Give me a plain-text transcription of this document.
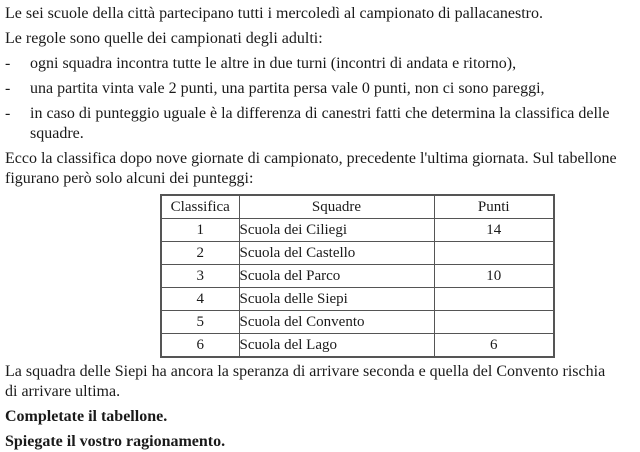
Le sei scuole della città partecipano tutti i mercoledì al campionato di pallacanestro.

Le regole sono quelle dei campionati degli adulti:

-	ogni squadra incontra tutte le altre in due turni (incontri di andata e ritorno),
-	una partita vinta vale 2 punti, una partita persa vale 0 punti, non ci sono pareggi,
-	in caso di punteggio uguale è la differenza di canestri fatti che determina la classifica delle
squadre.

Ecco la classifica dopo nove giornate di campionato, precedente l'ultima giornata. Sul tabellone
figurano però solo alcuni dei punteggi:

Classifica	Squadre	Punti
1	Scuola dei Ciliegi	14
2	Scuola del Castello	
3	Scuola del Parco	10
4	Scuola delle Siepi	
5	Scuola del Convento	
6	Scuola del Lago	6

La squadra delle Siepi ha ancora la speranza di arrivare seconda e quella del Convento rischia
di arrivare ultima.

Completate il tabellone.

Spiegate il vostro ragionamento.
